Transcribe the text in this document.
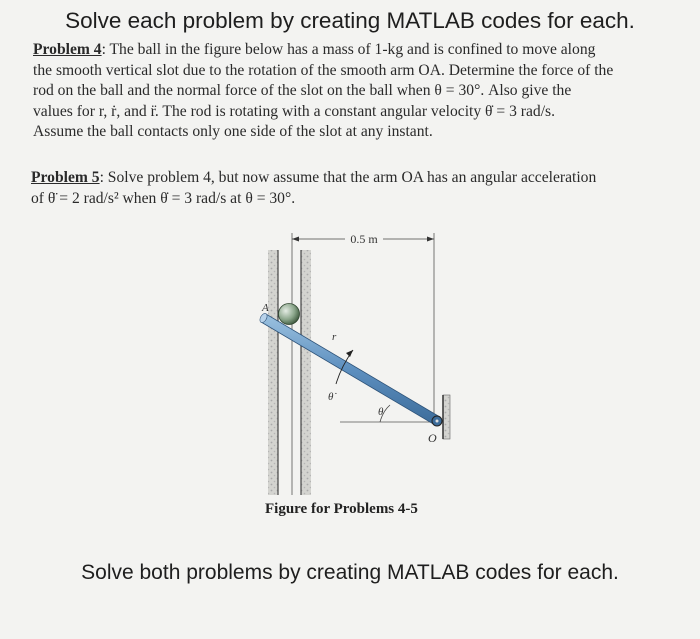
Solve each problem by creating MATLAB codes for each.
Problem 4: The ball in the figure below has a mass of 1-kg and is confined to move along
the smooth vertical slot due to the rotation of the smooth arm OA. Determine the force of the
rod on the ball and the normal force of the slot on the ball when θ = 30°. Also give the
values for r, ṙ, and r̈. The rod is rotating with a constant angular velocity θ̇ = 3 rad/s.
Assume the ball contacts only one side of the slot at any instant.
Problem 5: Solve problem 4, but now assume that the arm OA has an angular acceleration
of θ̈ = 2 rad/s² when θ̇ = 3 rad/s at θ = 30°.
0.5 m
A
r
θ̇
θ
O
Figure for Problems 4-5
Solve both problems by creating MATLAB codes for each.
